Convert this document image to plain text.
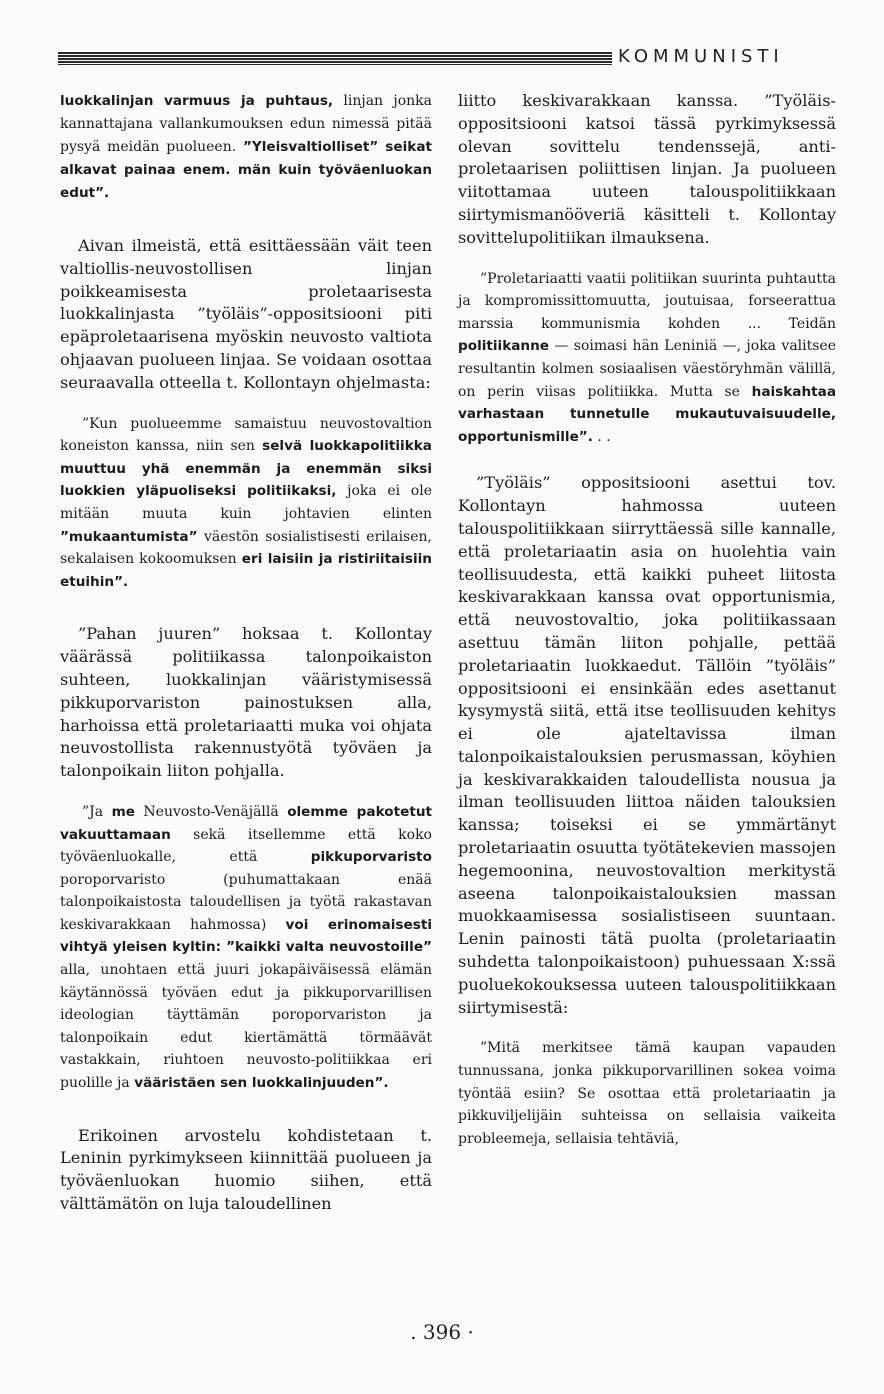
KOMMUNISTI

luokkalinjan varmuus ja puhtaus, linjan jonka kannattajana vallankumouksen edun nimessä pitää pysyä meidän puolueen. ”Yleisvaltiolliset” seikat alkavat painaa enem. män kuin työväenluokan edut”.

Aivan ilmeistä, että esittäessään väit teen valtiollis-neuvostollisen linjan poikkeamisesta proletaarisesta luokkalinjasta ”työläis”-oppositsiooni piti epäproletaarisena myöskin neuvosto valtiota ohjaavan puolueen linjaa. Se voidaan osottaa seuraavalla otteella t. Kollontayn ohjelmasta:

”Kun puolueemme samaistuu neuvostovaltion koneiston kanssa, niin sen selvä luokkapolitiikka muuttuu yhä enemmän ja enemmän siksi luokkien yläpuoliseksi politiikaksi, joka ei ole mitään muuta kuin johtavien elinten ”mukaantumista” väestön sosialistisesti erilaisen, sekalaisen kokoomuksen eri laisiin ja ristiriitaisiin etuihin”.

”Pahan juuren” hoksaa t. Kollontay väärässä politiikassa talonpoikaiston suhteen, luokkalinjan vääristymisessä pikkuporvariston painostuksen alla, harhoissa että proletariaatti muka voi ohjata neuvostollista rakennustyötä työväen ja talonpoikain liiton pohjalla.

”Ja me Neuvosto-Venäjällä olemme pakotetut vakuuttamaan sekä itsellemme että koko työväenluokalle, että pikkuporvaristo poroporvaristo (puhumattakaan enää talonpoikaistosta taloudellisen ja työtä rakastavan keskivarakkaan hahmossa) voi erinomaisesti vihtyä yleisen kyltin: ”kaikki valta neuvostoille” alla, unohtaen että juuri jokapäiväisessä elämän käytännössä työväen edut ja pikkuporvarillisen ideologian täyttämän poroporvariston ja talonpoikain edut kiertämättä törmäävät vastakkain, riuhtoen neuvosto-politiikkaa eri puolille ja vääristäen sen luokkalinjuuden”.

Erikoinen arvostelu kohdistetaan t. Leninin pyrkimykseen kiinnittää puolueen ja työväenluokan huomio siihen, että välttämätön on luja taloudellinen

liitto keskivarakkaan kanssa. ”Työläis-oppositsiooni katsoi tässä pyrkimyksessä olevan sovittelu tendenssejä, anti-proletaarisen poliittisen linjan. Ja puolueen viitottamaa uuteen talouspolitiikkaan siirtymismanööveriä käsitteli t. Kollontay sovittelupolitiikan ilmauksena.

”Proletariaatti vaatii politiikan suurinta puhtautta ja kompromissittomuutta, joutuisaa, forseerattua marssia kommunismia kohden ... Teidän politiikanne — soimasi hän Leniniä —, joka valitsee resultantin kolmen sosiaalisen väestöryhmän välillä, on perin viisas politiikka. Mutta se haiskahtaa varhastaan tunnetulle mukautuvaisuudelle, opportunismille”. . .

”Työläis” oppositsiooni asettui tov. Kollontayn hahmossa uuteen talouspolitiikkaan siirryttäessä sille kannalle, että proletariaatin asia on huolehtia vain teollisuudesta, että kaikki puheet liitosta keskivarakkaan kanssa ovat opportunismia, että neuvostovaltio, joka politiikassaan asettuu tämän liiton pohjalle, pettää proletariaatin luokkaedut. Tällöin ”työläis” oppositsiooni ei ensinkään edes asettanut kysymystä siitä, että itse teollisuuden kehitys ei ole ajateltavissa ilman talonpoikaistalouksien perusmassan, köyhien ja keskivarakkaiden taloudellista nousua ja ilman teollisuuden liittoa näiden talouksien kanssa; toiseksi ei se ymmärtänyt proletariaatin osuutta työtätekevien massojen hegemoonina, neuvostovaltion merkitystä aseena talonpoikaistalouksien massan muokkaamisessa sosialistiseen suuntaan. Lenin painosti tätä puolta (proletariaatin suhdetta talonpoikaistoon) puhuessaan X:ssä puoluekokouksessa uuteen talouspolitiikkaan siirtymisestä:

”Mitä merkitsee tämä kaupan vapauden tunnussana, jonka pikkuporvarillinen sokea voima työntää esiin? Se osottaa että proletariaatin ja pikkuviljelijäin suhteissa on sellaisia vaikeita probleemeja, sellaisia tehtäviä,

. 396 ·
